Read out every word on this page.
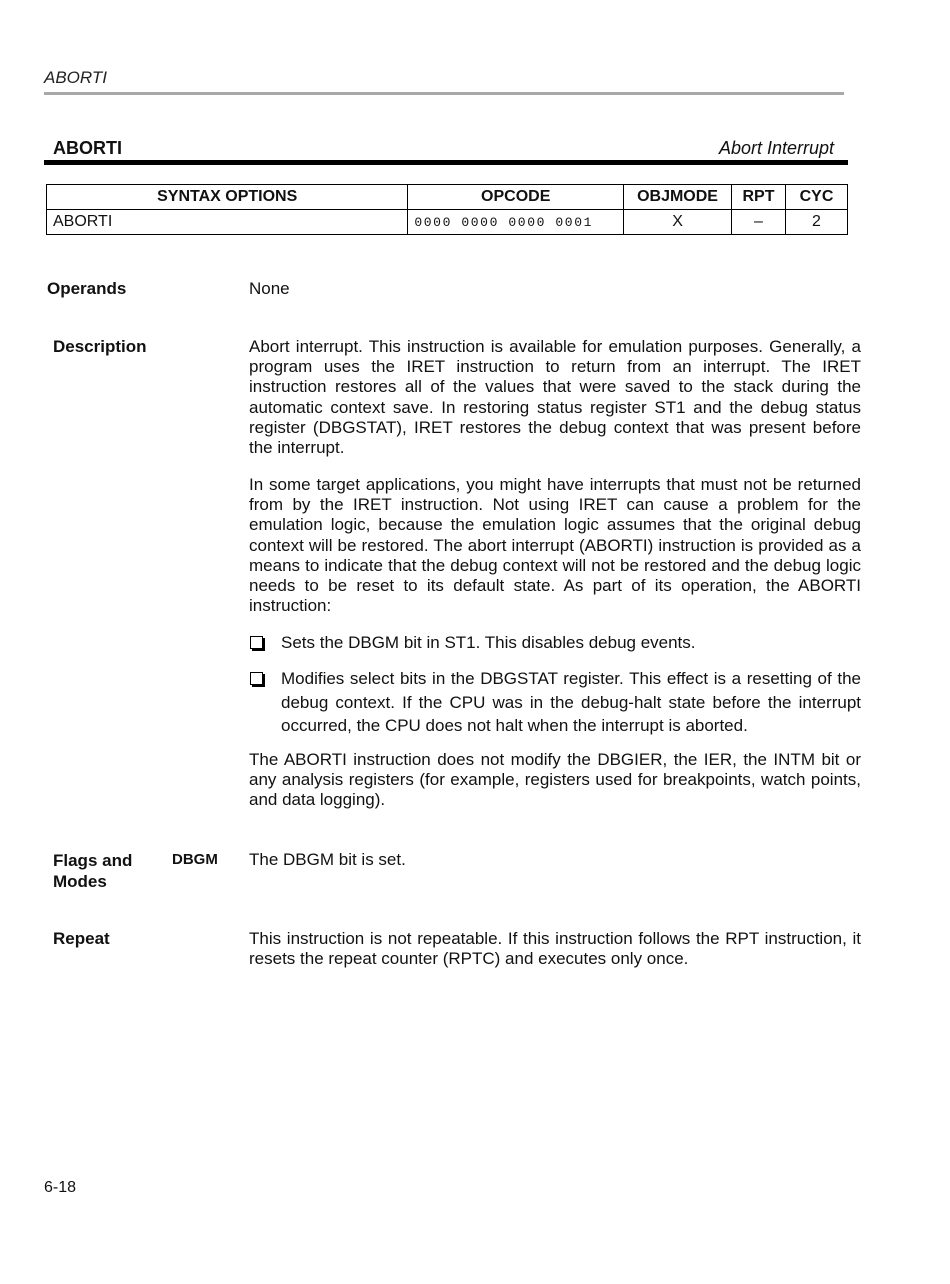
ABORTI
ABORTI	Abort Interrupt
SYNTAX OPTIONS	OPCODE	OBJMODE	RPT	CYC
ABORTI	0000 0000 0000 0001	X	–	2
Operands	None
Description	Abort interrupt. This instruction is available for emulation purposes. Generally, a program uses the IRET instruction to return from an interrupt. The IRET instruction restores all of the values that were saved to the stack during the automatic context save. In restoring status register ST1 and the debug status register (DBGSTAT), IRET restores the debug context that was present before the interrupt.

In some target applications, you might have interrupts that must not be returned from by the IRET instruction. Not using IRET can cause a problem for the emulation logic, because the emulation logic assumes that the original debug context will be restored. The abort interrupt (ABORTI) instruction is provided as a means to indicate that the debug context will not be restored and the debug logic needs to be reset to its default state. As part of its operation, the ABORTI instruction:

Sets the DBGM bit in ST1. This disables debug events.
Modifies select bits in the DBGSTAT register. This effect is a resetting of the debug context. If the CPU was in the debug-halt state before the interrupt occurred, the CPU does not halt when the interrupt is aborted.

The ABORTI instruction does not modify the DBGIER, the IER, the INTM bit or any analysis registers (for example, registers used for breakpoints, watch points, and data logging).

Flags and
Modes
DBGM The DBGM bit is set.
Repeat	This instruction is not repeatable. If this instruction follows the RPT instruction, it resets the repeat counter (RPTC) and executes only once.
6-18
